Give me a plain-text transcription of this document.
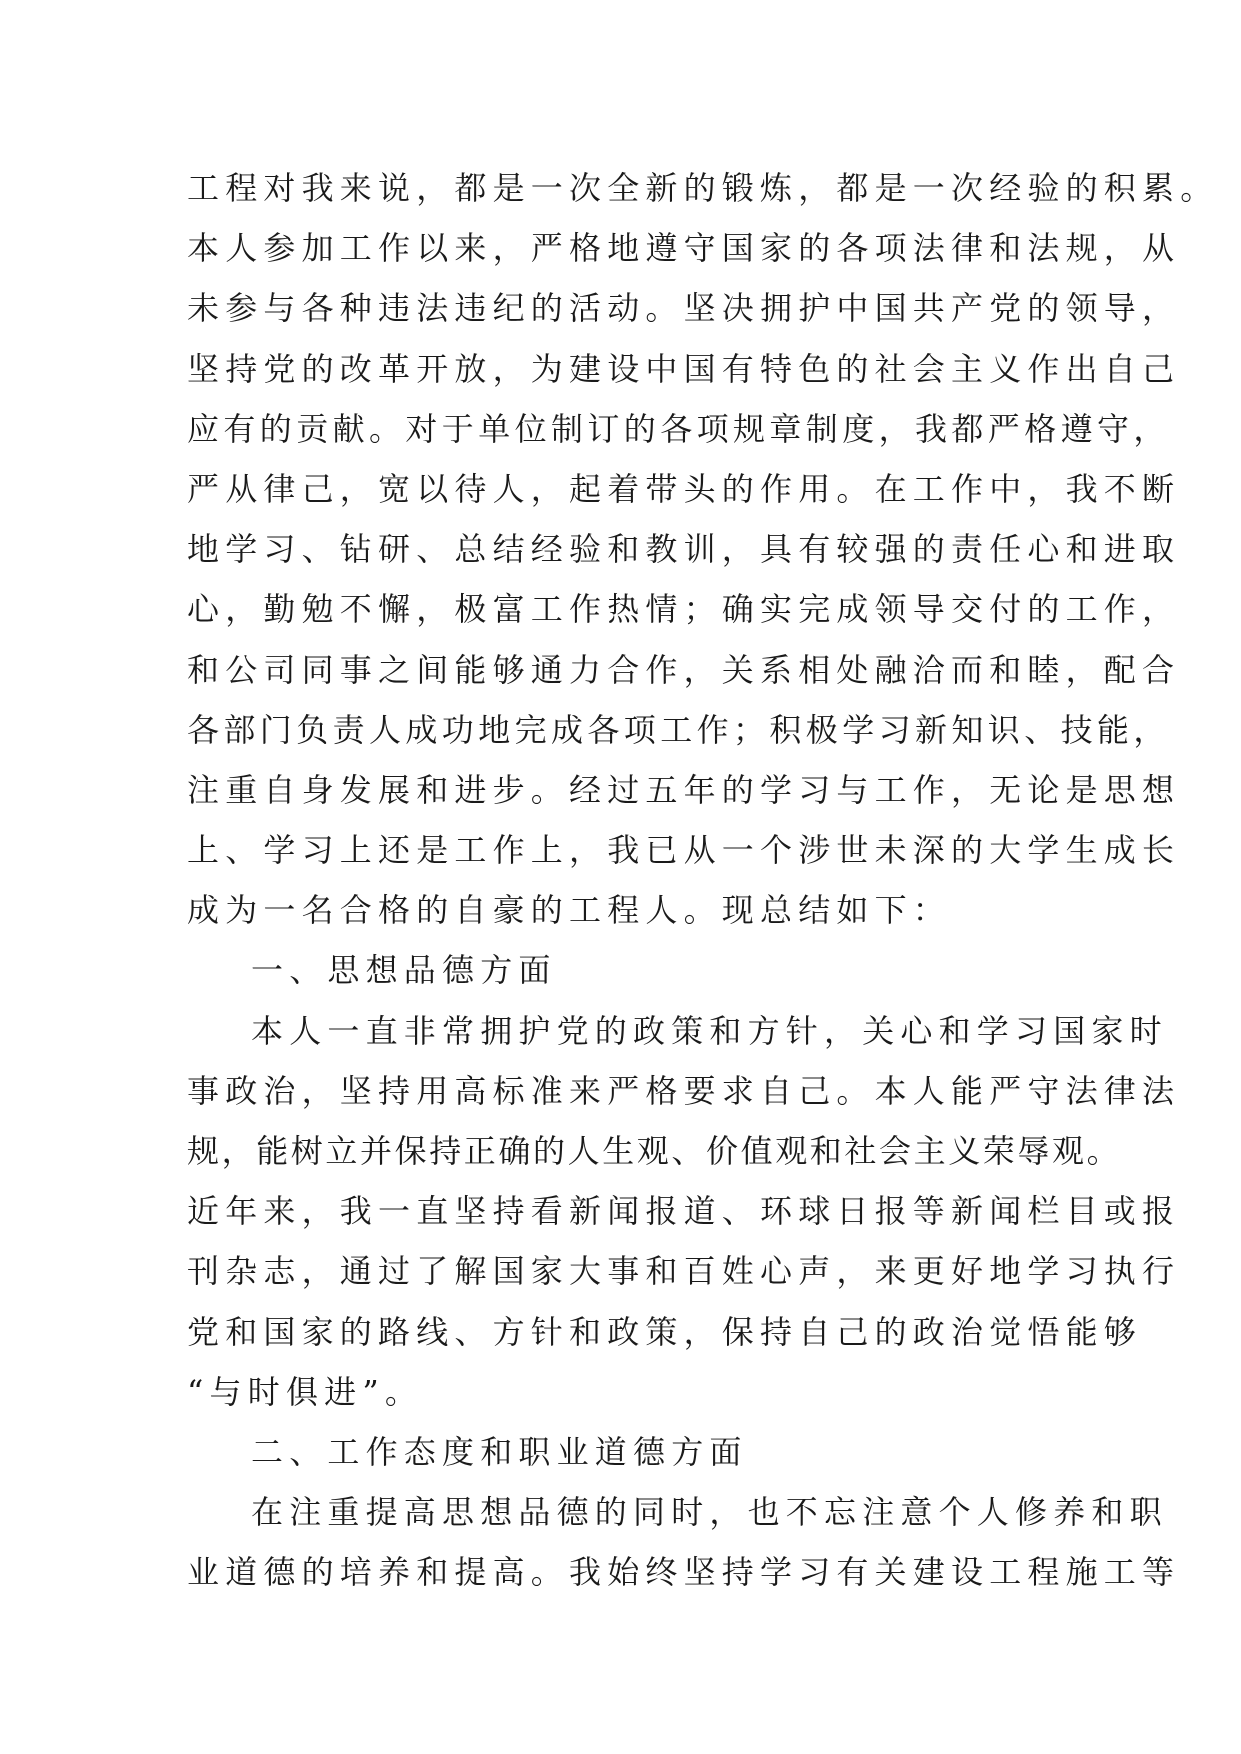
工程对我来说，都是一次全新的锻炼，都是一次经验的积累。
本人参加工作以来，严格地遵守国家的各项法律和法规，从
未参与各种违法违纪的活动。坚决拥护中国共产党的领导，
坚持党的改革开放，为建设中国有特色的社会主义作出自己
应有的贡献。对于单位制订的各项规章制度，我都严格遵守，
严从律己，宽以待人，起着带头的作用。在工作中，我不断
地学习、钻研、总结经验和教训，具有较强的责任心和进取
心，勤勉不懈，极富工作热情；确实完成领导交付的工作，
和公司同事之间能够通力合作，关系相处融洽而和睦，配合
各部门负责人成功地完成各项工作；积极学习新知识、技能，
注重自身发展和进步。经过五年的学习与工作，无论是思想
上、学习上还是工作上，我已从一个涉世未深的大学生成长
成为一名合格的自豪的工程人。现总结如下：
一、思想品德方面
本人一直非常拥护党的政策和方针，关心和学习国家时
事政治，坚持用高标准来严格要求自己。本人能严守法律法
规，能树立并保持正确的人生观、价值观和社会主义荣辱观。
近年来，我一直坚持看新闻报道、环球日报等新闻栏目或报
刊杂志，通过了解国家大事和百姓心声，来更好地学习执行
党和国家的路线、方针和政策，保持自己的政治觉悟能够
“与时俱进”。
二、工作态度和职业道德方面
在注重提高思想品德的同时，也不忘注意个人修养和职
业道德的培养和提高。我始终坚持学习有关建设工程施工等
